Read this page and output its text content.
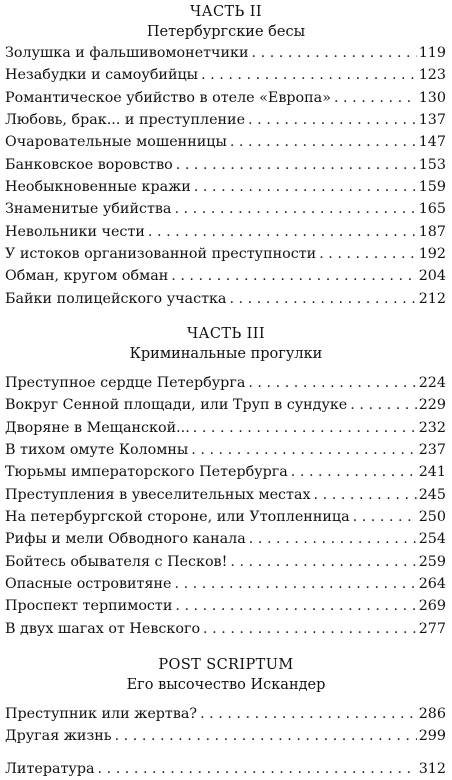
ЧАСТЬ II
Петербургские бесы
Золушка и фальшивомонетчики . . .	119
Незабудки и самоубийцы . . .	123
Романтическое убийство в отеле «Европа» . . .	130
Любовь, брак... и преступление . . .	137
Очаровательные мошенницы . . .	147
Банковское воровство . . .	153
Необыкновенные кражи . . .	159
Знаменитые убийства . . .	165
Невольники чести . . .	187
У истоков организованной преступности . . .	192
Обман, кругом обман . . .	204
Байки полицейского участка . . .	212
ЧАСТЬ III
Криминальные прогулки
Преступное сердце Петербурга . . .	224
Вокруг Сенной площади, или Труп в сундуке . . .	229
Дворяне в Мещанской... . . .	232
В тихом омуте Коломны . . .	237
Тюрьмы императорского Петербурга . . .	241
Преступления в увеселительных местах . . .	245
На петербургской стороне, или Утопленница . . .	250
Рифы и мели Обводного канала . . .	254
Бойтесь обывателя с Песков! . . .	259
Опасные островитяне . . .	264
Проспект терпимости . . .	269
В двух шагах от Невского . . .	277
POST SCRIPTUM
Его высочество Искандер
Преступник или жертва? . . .	286
Другая жизнь . . .	299
Литература . . .	312
